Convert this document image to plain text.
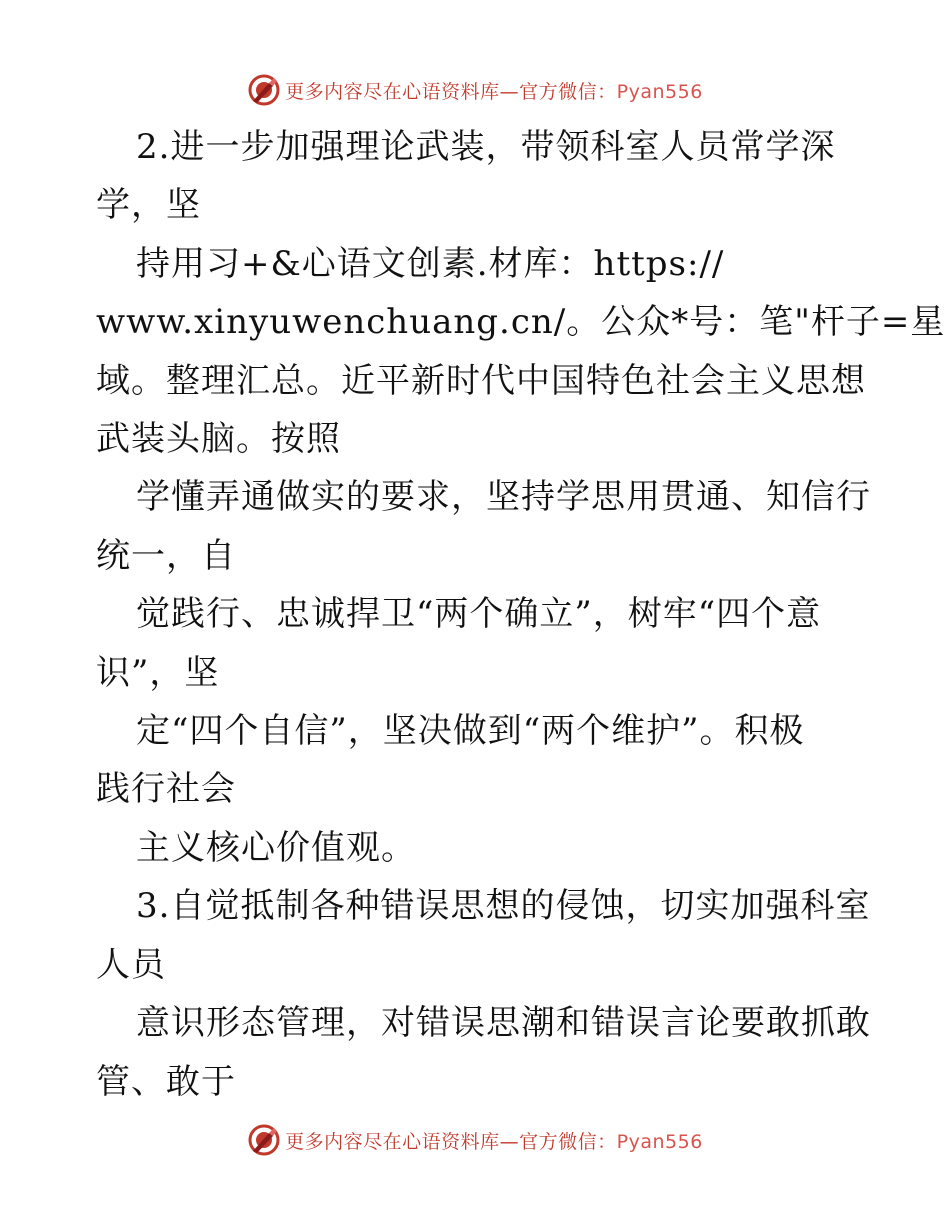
更多内容尽在心语资料库—官方微信：Pyan556

2.进一步加强理论武装，带领科室人员常学深

学，坚

持用习+&心语文创素.材库：https://

www.xinyuwenchuang.cn/。公众*号：笔"杆子=星

域。整理汇总。近平新时代中国特色社会主义思想

武装头脑。按照

学懂弄通做实的要求，坚持学思用贯通、知信行

统一，自

觉践行、忠诚捍卫“两个确立”，树牢“四个意

识”，坚

定“四个自信”，坚决做到“两个维护”。积极

践行社会

主义核心价值观。

3.自觉抵制各种错误思想的侵蚀，切实加强科室

人员

意识形态管理，对错误思潮和错误言论要敢抓敢

管、敢于

更多内容尽在心语资料库—官方微信：Pyan556
